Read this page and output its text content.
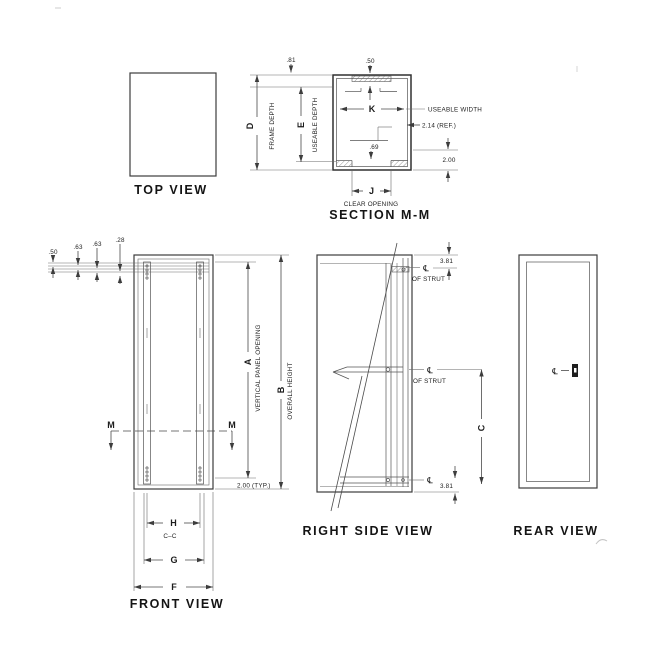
TOP VIEW
.50
.81
D FRAME DEPTH E USEABLE DEPTH	K	USEABLE WIDTH
2.14 (REF.)
.69
2.00
J
CLEAR OPENING
SECTION M-M
.50
.63 .63
.28
M	M
A VERTICAL PANEL OPENING B OVERALL HEIGHT
2.00 (TYP.)
H
C–C
G
F
FRONT VIEW
℄
OF STRUT
3.81
℄
OF STRUT
C
℄
3.81
RIGHT SIDE VIEW
℄
REAR VIEW
